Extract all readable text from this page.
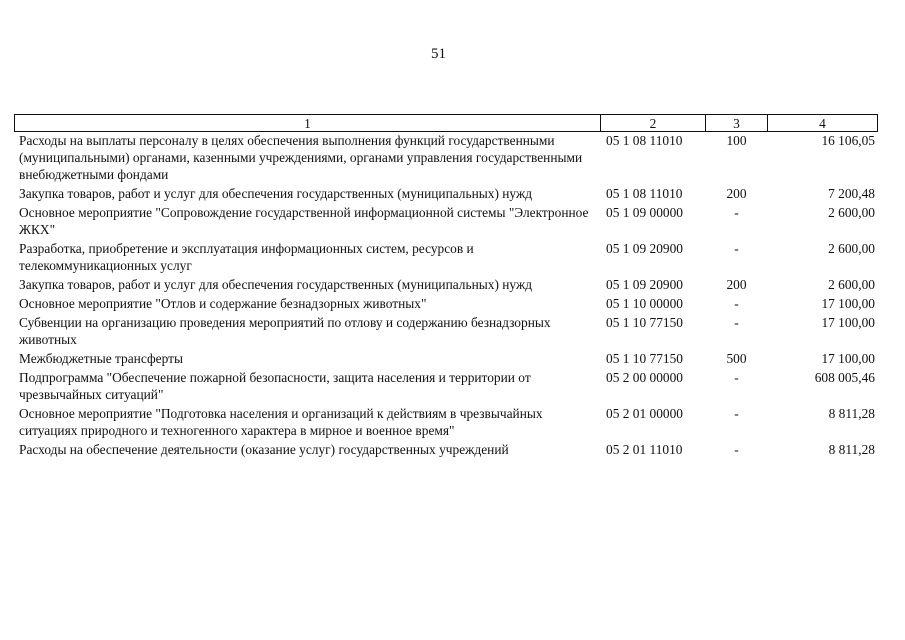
51
1	2	3	4
Расходы на выплаты персоналу в целях обеспечения выполнения функций государственными (муниципальными) органами, казенными учреждениями, органами управления государственными внебюджетными фондами	05 1 08 11010	100	16 106,05
Закупка товаров, работ и услуг для обеспечения государственных (муниципальных) нужд	05 1 08 11010	200	7 200,48
Основное мероприятие "Сопровождение государственной информационной системы "Электронное ЖКХ"	05 1 09 00000	-	2 600,00
Разработка, приобретение и эксплуатация информационных систем, ресурсов и телекоммуникационных услуг	05 1 09 20900	-	2 600,00
Закупка товаров, работ и услуг для обеспечения государственных (муниципальных) нужд	05 1 09 20900	200	2 600,00
Основное мероприятие "Отлов и содержание безнадзорных животных"	05 1 10 00000	-	17 100,00
Субвенции на организацию проведения мероприятий по отлову и содержанию безнадзорных животных	05 1 10 77150	-	17 100,00
Межбюджетные трансферты	05 1 10 77150	500	17 100,00
Подпрограмма "Обеспечение пожарной безопасности, защита населения и территории от чрезвычайных ситуаций"	05 2 00 00000	-	608 005,46
Основное мероприятие "Подготовка населения и организаций к действиям в чрезвычайных ситуациях природного и техногенного характера в мирное и военное время"	05 2 01 00000	-	8 811,28
Расходы на обеспечение деятельности (оказание услуг) государственных учреждений	05 2 01 11010	-	8 811,28
